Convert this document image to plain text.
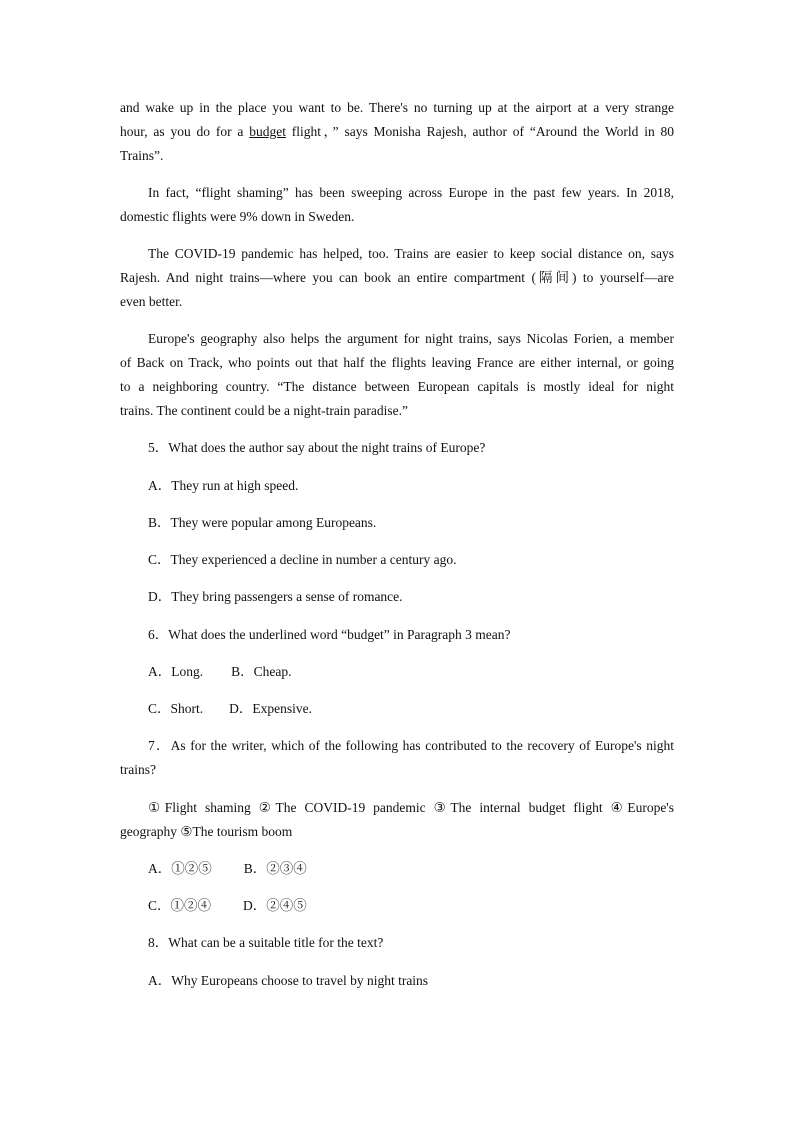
and wake up in the place you want to be. There's no turning up at the airport at a very strange

hour, as you do for a budget flight，” says Monisha Rajesh, author of “Around the World in 80

Trains”.

In fact, “flight shaming” has been sweeping across Europe in the past few years. In 2018,

domestic flights were 9% down in Sweden.

The COVID-19 pandemic has helped, too. Trains are easier to keep social distance on, says

Rajesh. And night trains—where you can book an entire compartment (隔间) to yourself—are

even better.

Europe's geography also helps the argument for night trains, says Nicolas Forien, a member

of Back on Track, who points out that half the flights leaving France are either internal, or going

to a neighboring country. “The distance between European capitals is mostly ideal for night

trains. The continent could be a night-train paradise.”

5．What does the author say about the night trains of Europe?

A．They run at high speed.

B．They were popular among Europeans.

C．They experienced a decline in number a century ago.

D．They bring passengers a sense of romance.

6．What does the underlined word “budget” in Paragraph 3 mean?

A．Long. B．Cheap.

C．Short. D．Expensive.

7．As for the writer, which of the following has contributed to the recovery of Europe's night

trains?

①Flight shaming ②The COVID-19 pandemic ③The internal budget flight ④Europe's

geography ⑤The tourism boom

A．①②⑤ B．②③④

C．①②④ D．②④⑤

8．What can be a suitable title for the text?

A．Why Europeans choose to travel by night trains
